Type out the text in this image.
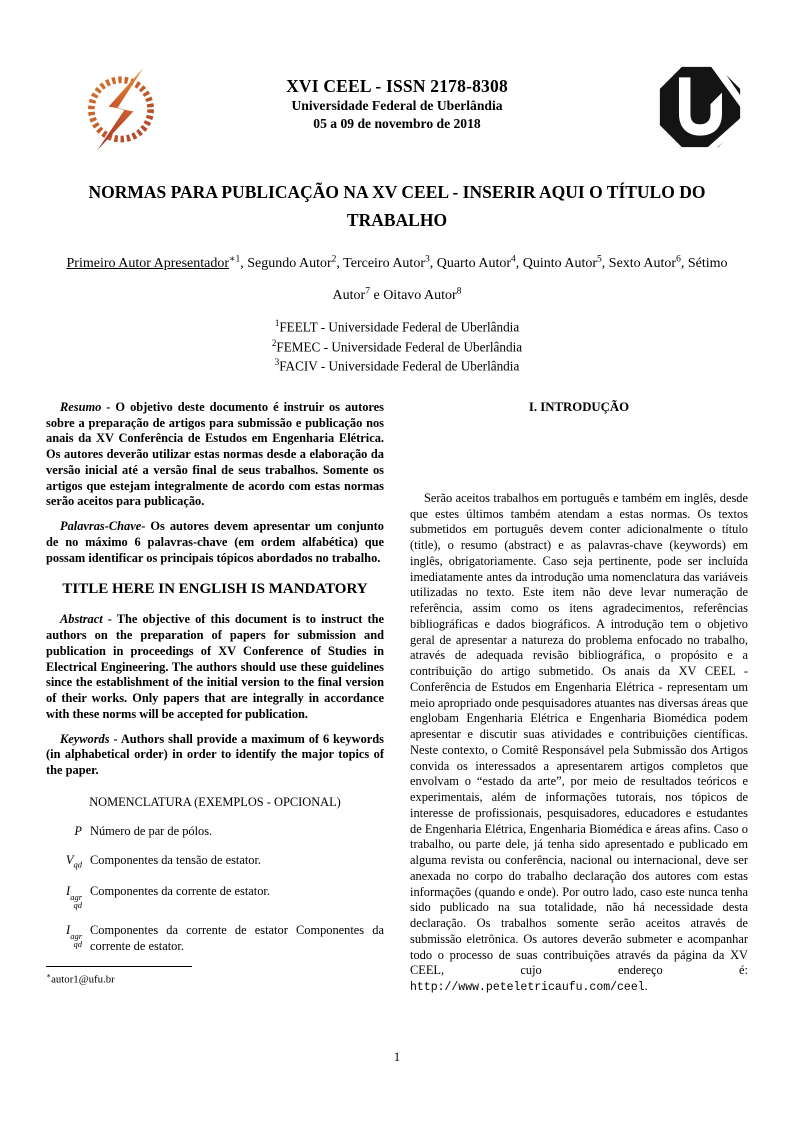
XVI CEEL - ISSN 2178-8308
Universidade Federal de Uberlândia
05 a 09 de novembro de 2018
NORMAS PARA PUBLICAÇÃO NA XV CEEL - INSERIR AQUI O TÍTULO DO TRABALHO
Primeiro Autor Apresentador$^{∗1}$, Segundo Autor$^2$, Terceiro Autor$^3$, Quarto Autor$^4$, Quinto Autor$^5$, Sexto Autor$^6$, Sétimo Autor$^7$ e Oitavo Autor$^8$
$^1$FEELT - Universidade Federal de Uberlândia
$^2$FEMEC - Universidade Federal de Uberlândia
$^3$FACIV - Universidade Federal de Uberlândia

Resumo - O objetivo deste documento é instruir os autores sobre a preparação de artigos para submissão e publicação nos anais da XV Conferência de Estudos em Engenharia Elétrica. Os autores deverão utilizar estas normas desde a elaboração da versão inicial até a versão final de seus trabalhos. Somente os artigos que estejam integralmente de acordo com estas normas serão aceitos para publicação.

Palavras-Chave- Os autores devem apresentar um conjunto de no máximo 6 palavras-chave (em ordem alfabética) que possam identificar os principais tópicos abordados no trabalho.

TITLE HERE IN ENGLISH IS MANDATORY

Abstract - The objective of this document is to instruct the authors on the preparation of papers for submission and publication in proceedings of XV Conference of Studies in Electrical Engineering. The authors should use these guidelines since the establishment of the initial version to the final version of their works. Only papers that are integrally in accordance with these norms will be accepted for publication.

Keywords - Authors shall provide a maximum of 6 keywords (in alphabetical order) in order to identify the major topics of the paper.

NOMENCLATURA (EXEMPLOS - OPCIONAL)
P Número de par de pólos.
$V_{qd}$ Componentes da tensão de estator.
I agr
qd
Componentes da corrente de estator.
I agr
qd
Componentes da corrente de estator Componentes da corrente de estator.
∗autor1@ufu.br
I. INTRODUÇÃO

Serão aceitos trabalhos em português e também em inglês, desde que estes últimos também atendam a estas normas. Os textos submetidos em português devem conter adicionalmente o título (title), o resumo (abstract) e as palavras-chave (keywords) em inglês, obrigatoriamente. Caso seja pertinente, pode ser incluída imediatamente antes da introdução uma nomenclatura das variáveis utilizadas no texto. Este item não deve levar numeração de referência, assim como os itens agradecimentos, referências bibliográficas e dados biográficos. A introdução tem o objetivo geral de apresentar a natureza do problema enfocado no trabalho, através de adequada revisão bibliográfica, o propósito e a contribuição do artigo submetido. Os anais da XV CEEL - Conferência de Estudos em Engenharia Elétrica - representam um meio apropriado onde pesquisadores atuantes nas diversas áreas que englobam Engenharia Elétrica e Engenharia Biomédica podem apresentar e discutir suas atividades e contribuições científicas. Neste contexto, o Comitê Responsável pela Submissão dos Artigos convida os interessados a apresentarem artigos completos que envolvam o “estado da arte”, por meio de resultados teóricos e experimentais, além de informações tutorais, nos tópicos de interesse de profissionais, pesquisadores, educadores e estudantes de Engenharia Elétrica, Engenharia Biomédica e áreas afins. Caso o trabalho, ou parte dele, já tenha sido apresentado e publicado em alguma revista ou conferência, nacional ou internacional, deve ser anexada no corpo do trabalho declaração dos autores com estas informações (quando e onde). Por outro lado, caso este nunca tenha sido publicado na sua totalidade, não há necessidade desta declaração. Os trabalhos somente serão aceitos através de submissão eletrônica. Os autores deverão submeter e acompanhar todo o processo de suas contribuições através da página da XV CEEL, cujo endereço é: http://www.peteletricaufu.com/ceel.

1
